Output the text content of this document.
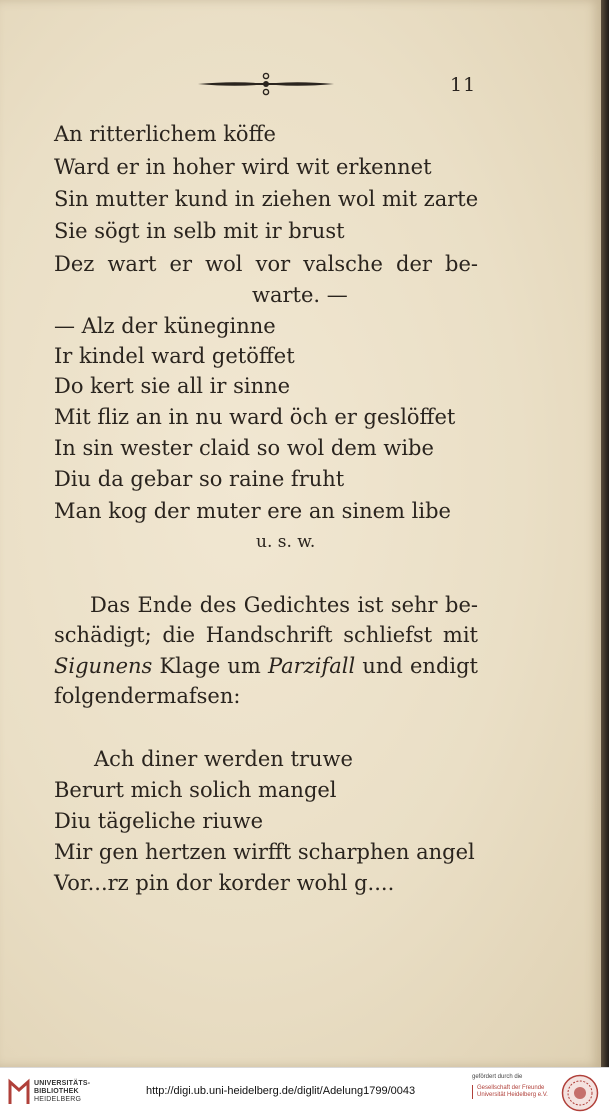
11
An ritterlichem köffe
Ward er in hoher wird wit erkennet
Sin mutter kund in ziehen wol mit zarte
Sie sögt in selb mit ir brust
Dez wart er wol vor valsche der be-
warte. —
— Alz der küneginne
Ir kindel ward getöffet
Do kert sie all ir sinne
Mit fliz an in nu ward öch er geslöffet
In sin wester claid so wol dem wibe
Diu da gebar so raine fruht
Man kog der muter ere an sinem libe
u. s. w.
Das Ende des Gedichtes ist sehr be-
schädigt; die Handschrift schliefst mit
Sigunens Klage um Parzifall und endigt
folgendermafsen:
Ach diner werden truwe
Berurt mich solich mangel
Diu tägeliche riuwe
Mir gen hertzen wirfft scharphen angel
Vor...rz pin dor korder wohl g....
UNIVERSITÄTS-
BIBLIOTHEK
HEIDELBERG
http://digi.ub.uni-heidelberg.de/diglit/Adelung1799/0043
gefördert durch die
Gesellschaft der Freunde
Universität Heidelberg e.V.
